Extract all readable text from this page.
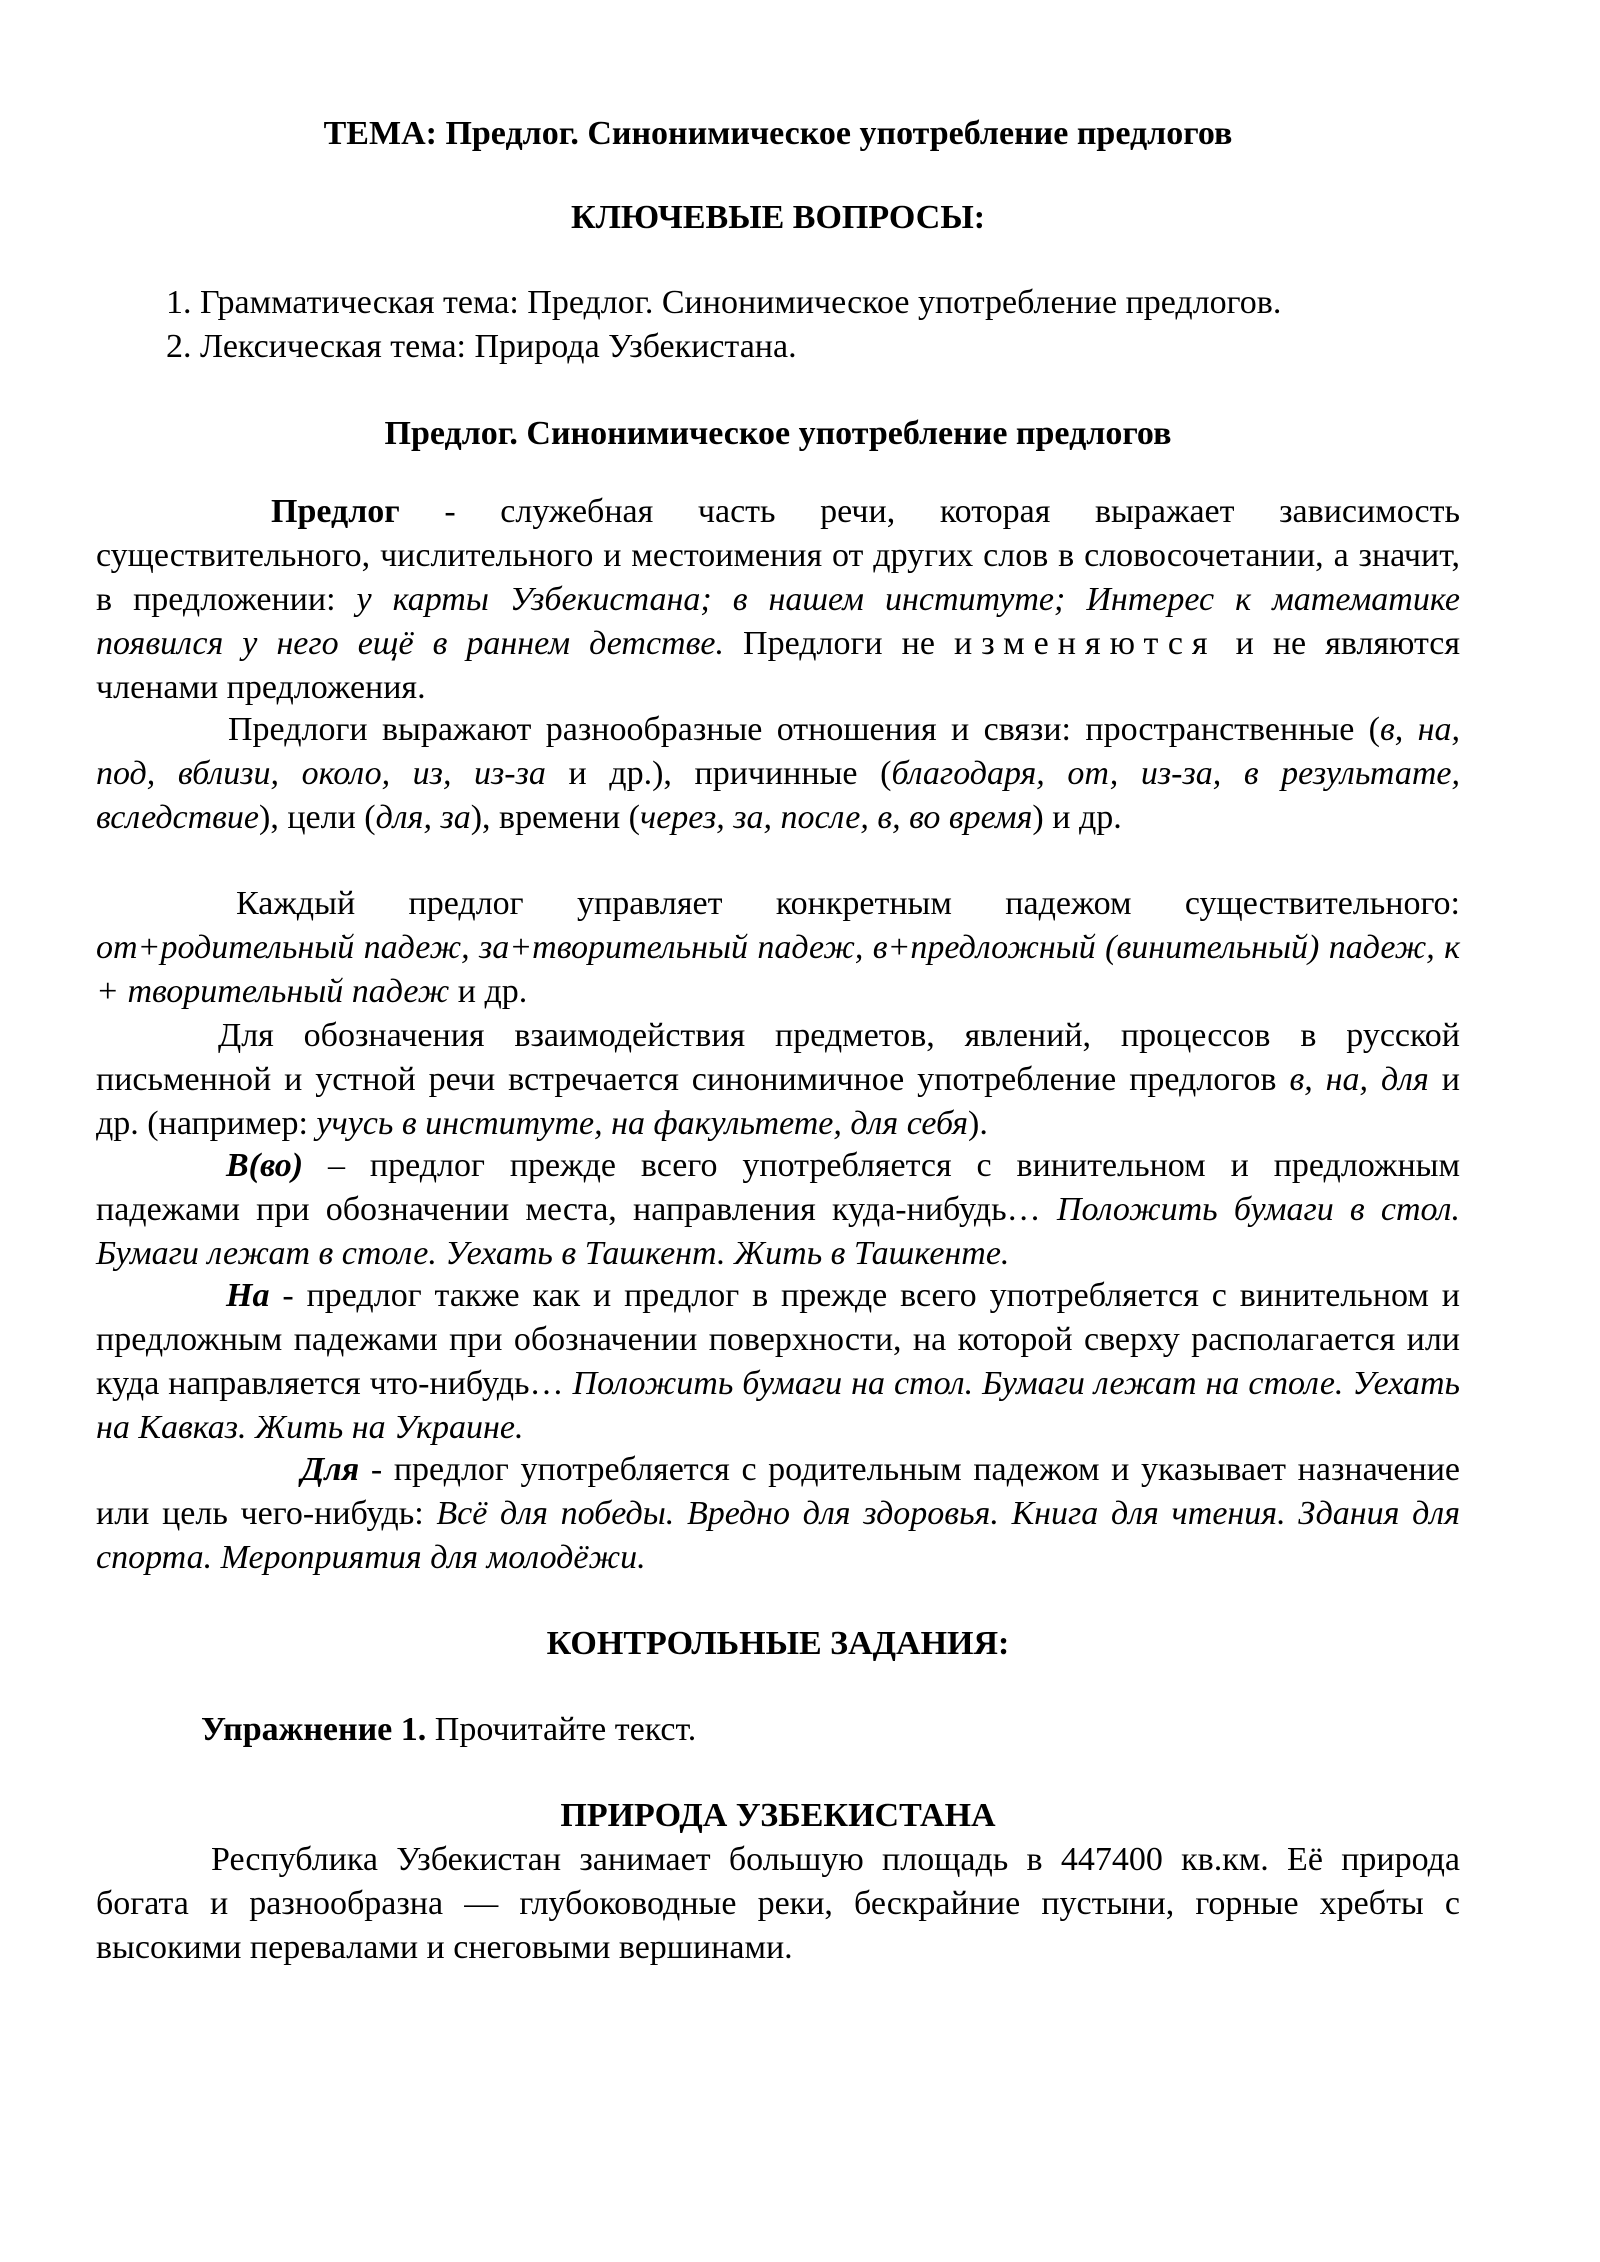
ТЕМА: Предлог. Синонимическое употребление предлогов

КЛЮЧЕВЫЕ ВОПРОСЫ:

1. Грамматическая тема: Предлог. Синонимическое употребление предлогов.
2. Лексическая тема: Природа Узбекистана.

Предлог. Синонимическое употребление предлогов

Предлог - служебная часть речи, которая выражает зависимость существительного, числительного и местоимения от других слов в словосочетании, а значит, в предложении: у карты Узбекистана; в нашем институте; Интерес к математике появился у него ещё в раннем детстве. Предлоги не изменяются и не являются членами предложения.

Предлоги выражают разнообразные отношения и связи: пространственные (в, на, под, вблизи, около, из, из-за и др.), причинные (благодаря, от, из-за, в результате, вследствие), цели (для, за), времени (через, за, после, в, во время) и др.

Каждый предлог управляет конкретным падежом существительного: от+родительный падеж, за+творительный падеж, в+предложный (винительный) падеж, к + творительный падеж и др.

Для обозначения взаимодействия предметов, явлений, процессов в русской письменной и устной речи встречается синонимичное употребление предлогов в, на, для и др. (например: учусь в институте, на факультете, для себя).

В(во) – предлог прежде всего употребляется с винительном и предложным падежами при обозначении места, направления куда-нибудь… Положить бумаги в стол. Бумаги лежат в столе. Уехать в Ташкент. Жить в Ташкенте.

На - предлог также как и предлог в прежде всего употребляется с винительном и предложным падежами при обозначении поверхности, на которой сверху располагается или куда направляется что-нибудь… Положить бумаги на стол. Бумаги лежат на столе. Уехать на Кавказ. Жить на Украине.

Для - предлог употребляется с родительным падежом и указывает назначение или цель чего-нибудь: Всё для победы. Вредно для здоровья. Книга для чтения. Здания для спорта. Мероприятия для молодёжи.

КОНТРОЛЬНЫЕ ЗАДАНИЯ:

Упражнение 1. Прочитайте текст.

ПРИРОДА УЗБЕКИСТАНА

Республика Узбекистан занимает большую площадь в 447400 кв.км. Её природа богата и разнообразна — глубоководные реки, бескрайние пустыни, горные хребты с высокими перевалами и снеговыми вершинами.
